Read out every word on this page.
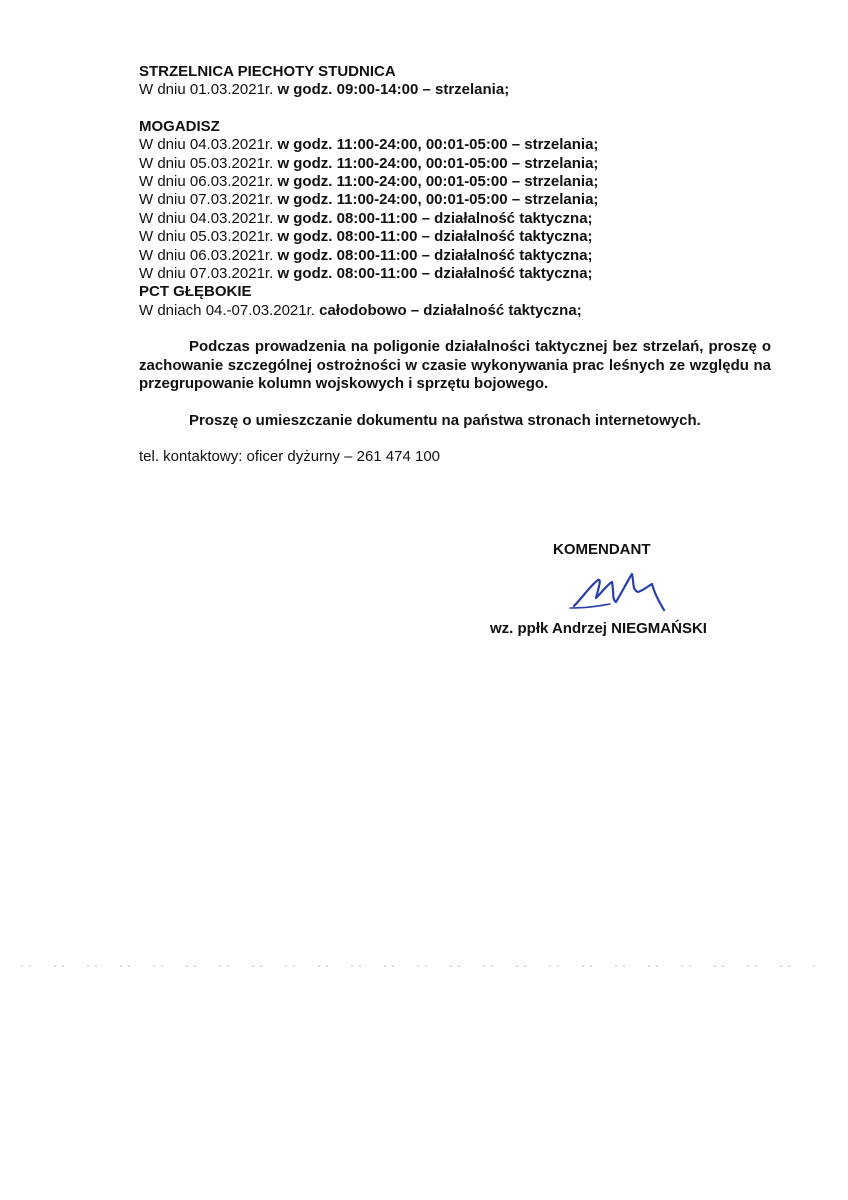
STRZELNICA PIECHOTY STUDNICA

W dniu 01.03.2021r. w godz. 09:00-14:00 – strzelania;

MOGADISZ

W dniu 04.03.2021r. w godz. 11:00-24:00, 00:01-05:00 – strzelania;

W dniu 05.03.2021r. w godz. 11:00-24:00, 00:01-05:00 – strzelania;

W dniu 06.03.2021r. w godz. 11:00-24:00, 00:01-05:00 – strzelania;

W dniu 07.03.2021r. w godz. 11:00-24:00, 00:01-05:00 – strzelania;

W dniu 04.03.2021r. w godz. 08:00-11:00 – działalność taktyczna;

W dniu 05.03.2021r. w godz. 08:00-11:00 – działalność taktyczna;

W dniu 06.03.2021r. w godz. 08:00-11:00 – działalność taktyczna;

W dniu 07.03.2021r. w godz. 08:00-11:00 – działalność taktyczna;

PCT GŁĘBOKIE

W dniach 04.-07.03.2021r. całodobowo – działalność taktyczna;

Podczas prowadzenia na poligonie działalności taktycznej bez strzelań, proszę o zachowanie szczególnej ostrożności w czasie wykonywania prac leśnych ze względu na przegrupowanie kolumn wojskowych i sprzętu bojowego.

Proszę o umieszczanie dokumentu na państwa stronach internetowych.

tel. kontaktowy: oficer dyżurny – 261 474 100

KOMENDANT
wz. ppłk Andrzej NIEGMAŃSKI
